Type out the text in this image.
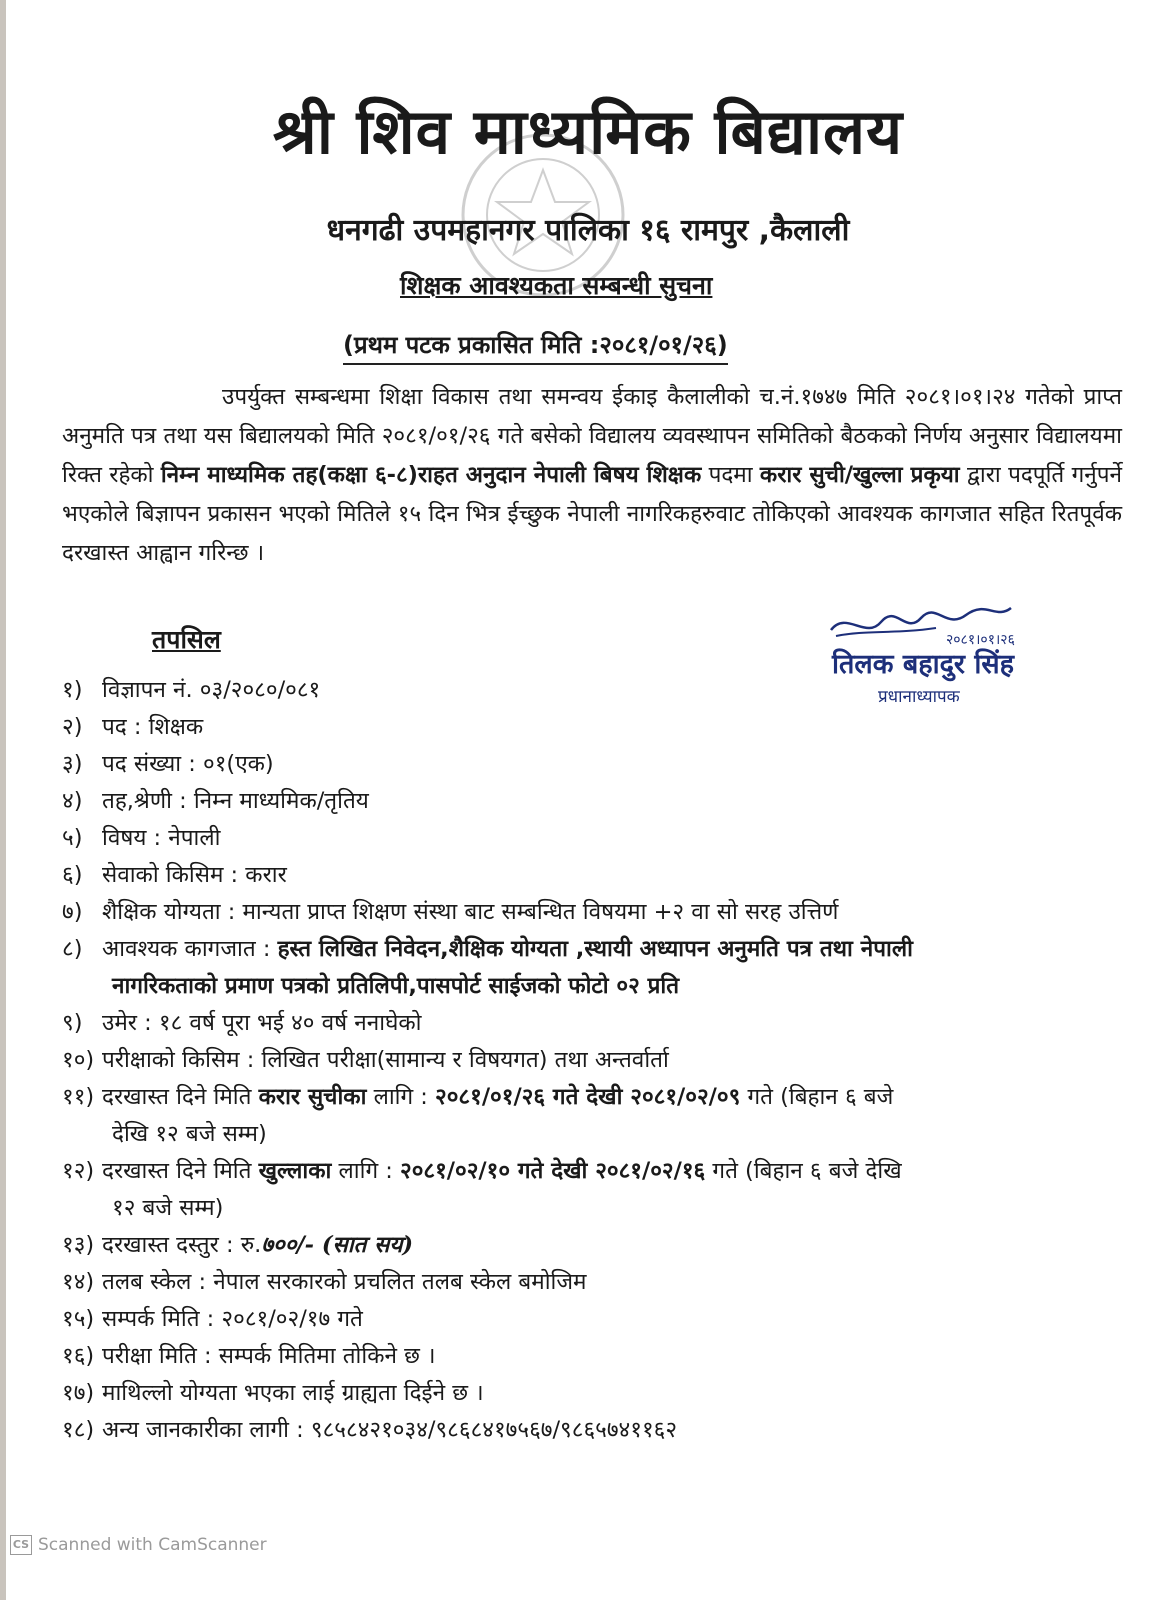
श्री शिव माध्यमिक बिद्यालय
धनगढी उपमहानगर पालिका १६ रामपुर ,कैलाली
शिक्षक आवश्यकता सम्बन्धी सुचना
(प्रथम पटक प्रकासित मिति :२०८१/०१/२६)
उपर्युक्त सम्बन्धमा शिक्षा विकास तथा समन्वय ईकाइ कैलालीको च.नं.१७४७ मिति २०८१।०१।२४ गतेको प्राप्त अनुमति पत्र तथा यस बिद्यालयको मिति २०८१/०१/२६ गते बसेको विद्यालय व्यवस्थापन समितिको बैठकको निर्णय अनुसार विद्यालयमा रिक्त रहेको निम्न माध्यमिक तह(कक्षा ६-८)राहत अनुदान नेपाली बिषय शिक्षक पदमा करार सुची/खुल्ला प्रकृया द्वारा पदपूर्ति गर्नुपर्ने भएकोले बिज्ञापन प्रकासन भएको मितिले १५ दिन भित्र ईच्छुक नेपाली नागरिकहरुवाट तोकिएको आवश्यक कागजात सहित रितपूर्वक दरखास्त आह्वान गरिन्छ ।
तपसिल	२०८१।०१।२६
तिलक बहादुर सिंह
प्रधानाध्यापक
१) विज्ञापन नं. ०३/२०८०/०८१
२) पद : शिक्षक
३) पद संख्या : ०१(एक)
४) तह,श्रेणी : निम्न माध्यमिक/तृतिय
५) विषय : नेपाली
६) सेवाको किसिम : करार
७) शैक्षिक योग्यता : मान्यता प्राप्त शिक्षण संस्था बाट सम्बन्धित विषयमा +२ वा सो सरह उत्तिर्ण
८) आवश्यक कागजात : हस्त लिखित निवेदन,शैक्षिक योग्यता ,स्थायी अध्यापन अनुमति पत्र तथा नेपाली
नागरिकताको प्रमाण पत्रको प्रतिलिपी,पासपोर्ट साईजको फोटो ०२ प्रति
९) उमेर : १८ वर्ष पूरा भई ४० वर्ष ननाघेको
१०) परीक्षाको किसिम : लिखित परीक्षा(सामान्य र विषयगत) तथा अन्तर्वार्ता
११) दरखास्त दिने मिति करार सुचीका लागि : २०८१/०१/२६ गते देखी २०८१/०२/०९ गते (बिहान ६ बजे
देखि १२ बजे सम्म)
१२) दरखास्त दिने मिति खुल्लाका लागि : २०८१/०२/१० गते देखी २०८१/०२/१६ गते (बिहान ६ बजे देखि
१२ बजे सम्म)
१३) दरखास्त दस्तुर : रु.७००/- (सात सय)
१४) तलब स्केल : नेपाल सरकारको प्रचलित तलब स्केल बमोजिम
१५) सम्पर्क मिति : २०८१/०२/१७ गते
१६) परीक्षा मिति : सम्पर्क मितिमा तोकिने छ ।
१७) माथिल्लो योग्यता भएका लाई ग्राह्यता दिईने छ ।
१८) अन्य जानकारीका लागी : ९८५८४२१०३४/९८६८४१७५६७/९८६५७४११६२
CS Scanned with CamScanner
